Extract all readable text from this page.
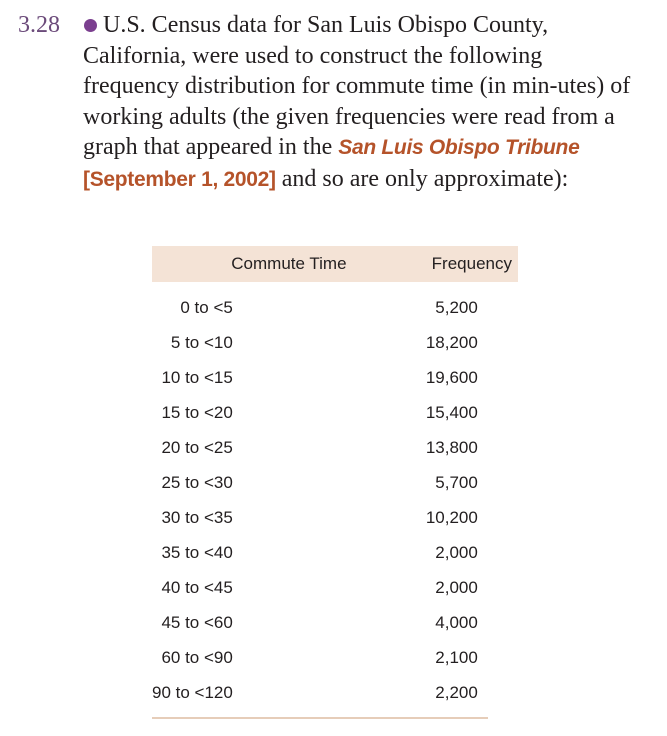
3.28	U.S. Census data for San Luis Obispo County, California, were used to construct the following frequency distribution for commute time (in min-utes) of working adults (the given frequencies were read from a graph that appeared in the San Luis Obispo Tribune [September 1, 2002] and so are only approximate):
Commute Time	Frequency
0 to <5	5,200
5 to <10	18,200
10 to <15	19,600
15 to <20	15,400
20 to <25	13,800
25 to <30	5,700
30 to <35	10,200
35 to <40	2,000
40 to <45	2,000
45 to <60	4,000
60 to <90	2,100
90 to <120	2,200
